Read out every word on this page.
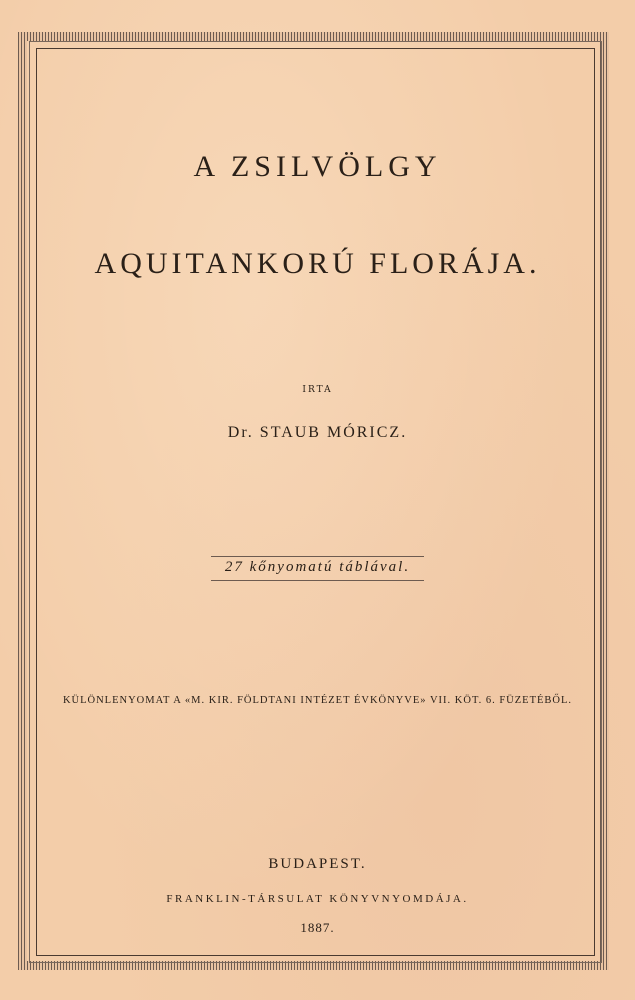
A ZSILVÖLGY
AQUITANKORÚ FLORÁJA.
IRTA
Dr. STAUB MÓRICZ.
27 kőnyomatú táblával.
KÜLÖNLENYOMAT A «M. KIR. FÖLDTANI INTÉZET ÉVKÖNYVE» VII. KÖT. 6. FÜZETÉBŐL.
BUDAPEST.
FRANKLIN-TÁRSULAT KÖNYVNYOMDÁJA.
1887.
